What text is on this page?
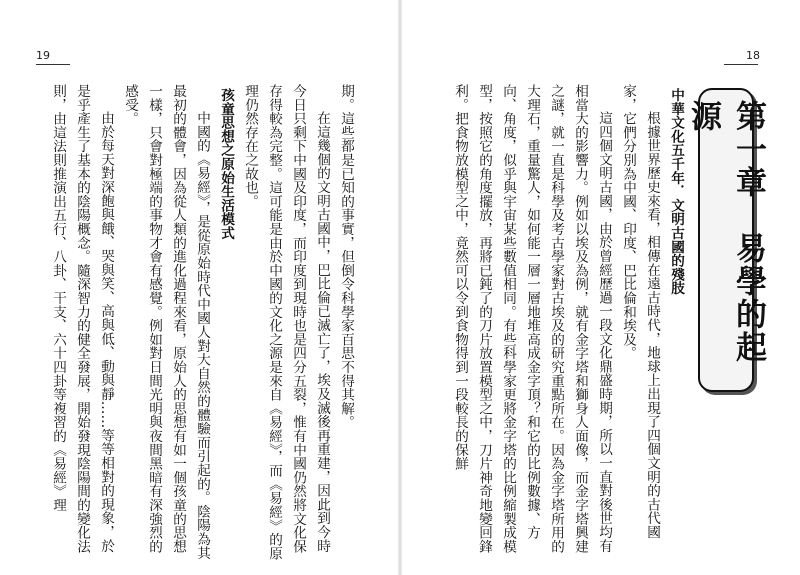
19

期。這些都是已知的事實，但倒令科學家百思不得其解。

在這幾個的文明古國中，巴比倫已滅亡了，埃及滅後再重建，因此到今時今日只剩下中國及印度，而印度到現時也是四分五裂，惟有中國仍然將文化保存得較為完整。這可能是由於中國的文化之源是來自《易經》，而《易經》的原理仍然存在之故也。

孩童思想之原始生活模式

中國的《易經》，是從原始時代中國人對大自然的體驗而引起的。陰陽為其最初的體會，因為從人類的進化過程來看，原始人的思想有如一個孩童的思想一樣，只會對極端的事物才會有感覺。例如對日間光明與夜間黑暗有深強烈的感受。

由於每天對深飽與餓、哭與笑、高與低、動與靜……等等相對的現象，於是乎產生了基本的陰陽概念。隨深智力的健全發展，開始發現陰陽間的變化法則，由這法則推演出五行、八卦、干支、六十四卦等複習的《易經》理

18
中華文化五千年．文明古國的殘肢

根據世界歷史來看，相傳在遠古時代，地球上出現了四個文明的古代國家，它們分別為中國、印度、巴比倫和埃及。

這四個文明古國，由於曾經歷過一段文化鼎盛時期，所以一直對後世均有相當大的影響力。例如以埃及為例，就有金字塔和獅身人面像，而金字塔興建之謎，就一直是科學及考古學家對古埃及的研究重點所在。因為金字塔所用的大理石，重量驚人，如何能一層一層地堆高成金字頂？和它的比例數據、方向、角度，似乎與宇宙某些數值相同。有些科學家更將金字塔的比例縮製成模型，按照它的角度擺放，再將已鈍了的刀片放置模型之中，刀片神奇地變回鋒利。把食物放模型之中，竟然可以令到食物得到一段較長的保鮮	第一章　易學的起源
